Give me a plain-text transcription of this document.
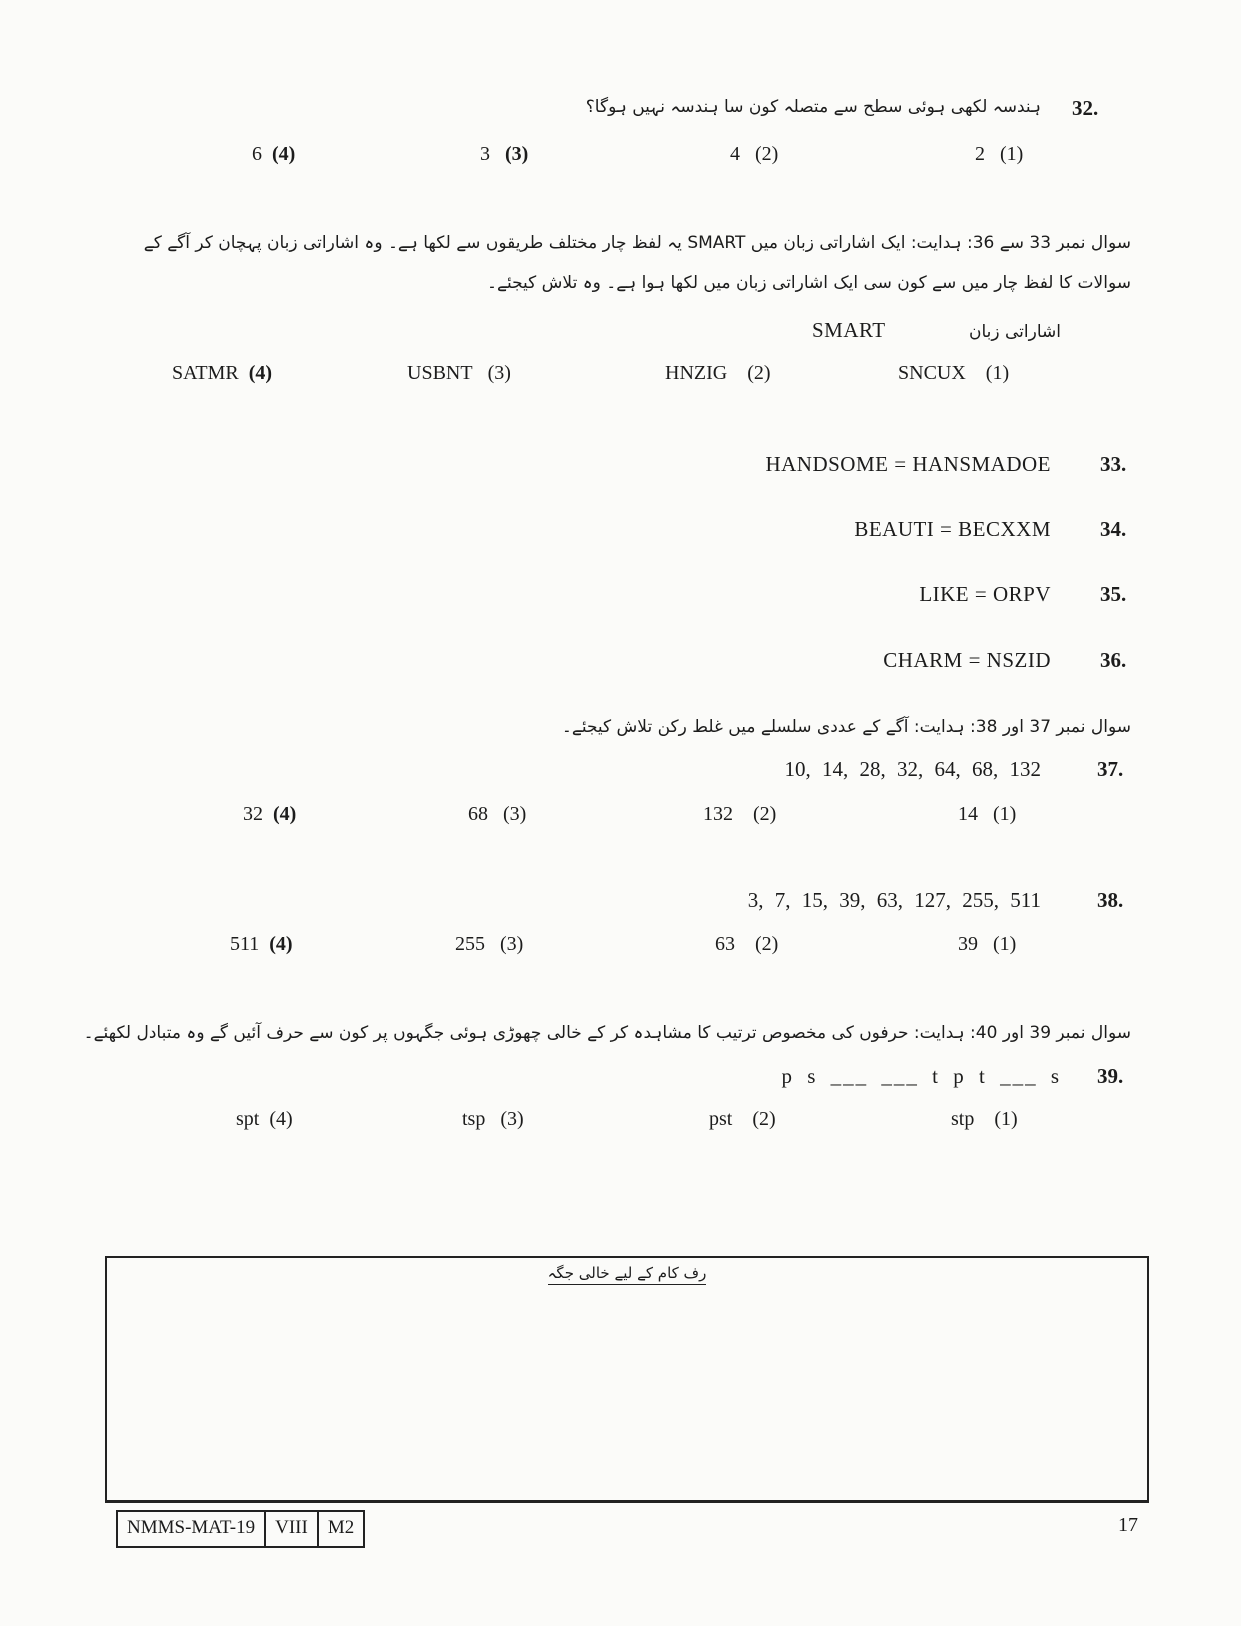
32.
ہندسہ لکھی ہوئی سطح سے متصلہ کون سا ہندسہ نہیں ہوگا؟
6 (4)	3 (3)	4 (2)	2 (1)
سوال نمبر 33 سے 36: ہدایت: ایک اشاراتی زبان میں SMART یہ لفظ چار مختلف طریقوں سے لکھا ہے۔ وہ اشاراتی زبان پہچان کر آگے کے
سوالات کا لفظ چار میں سے کون سی ایک اشاراتی زبان میں لکھا ہوا ہے۔ وہ تلاش کیجئے۔
اشاراتی زبان
SMART
SATMR (4)	USBNT (3)	HNZIG (2)	SNCUX (1)
HANDSOME = HANSMADOE 33.
BEAUTI = BECXXM 34.
LIKE = ORPV 35.
CHARM = NSZID 36.
سوال نمبر 37 اور 38: ہدایت: آگے کے عددی سلسلے میں غلط رکن تلاش کیجئے۔
10, 14, 28, 32, 64, 68, 132	37.
32 (4)	68 (3)	132 (2)	14 (1)
3, 7, 15, 39, 63, 127, 255, 511	38.
511 (4)	255 (3)	63 (2)	39 (1)
سوال نمبر 39 اور 40: ہدایت: حرفوں کی مخصوص ترتیب کا مشاہدہ کر کے خالی چھوڑی ہوئی جگہوں پر کون سے حرف آئیں گے وہ متبادل لکھئے۔
p s ___ ___ t p t ___ s 39.
spt (4)	tsp (3)	pst (2)	stp (1)
رف کام کے لیے خالی جگہ
NMMS-MAT-19	VIII	M2	17
